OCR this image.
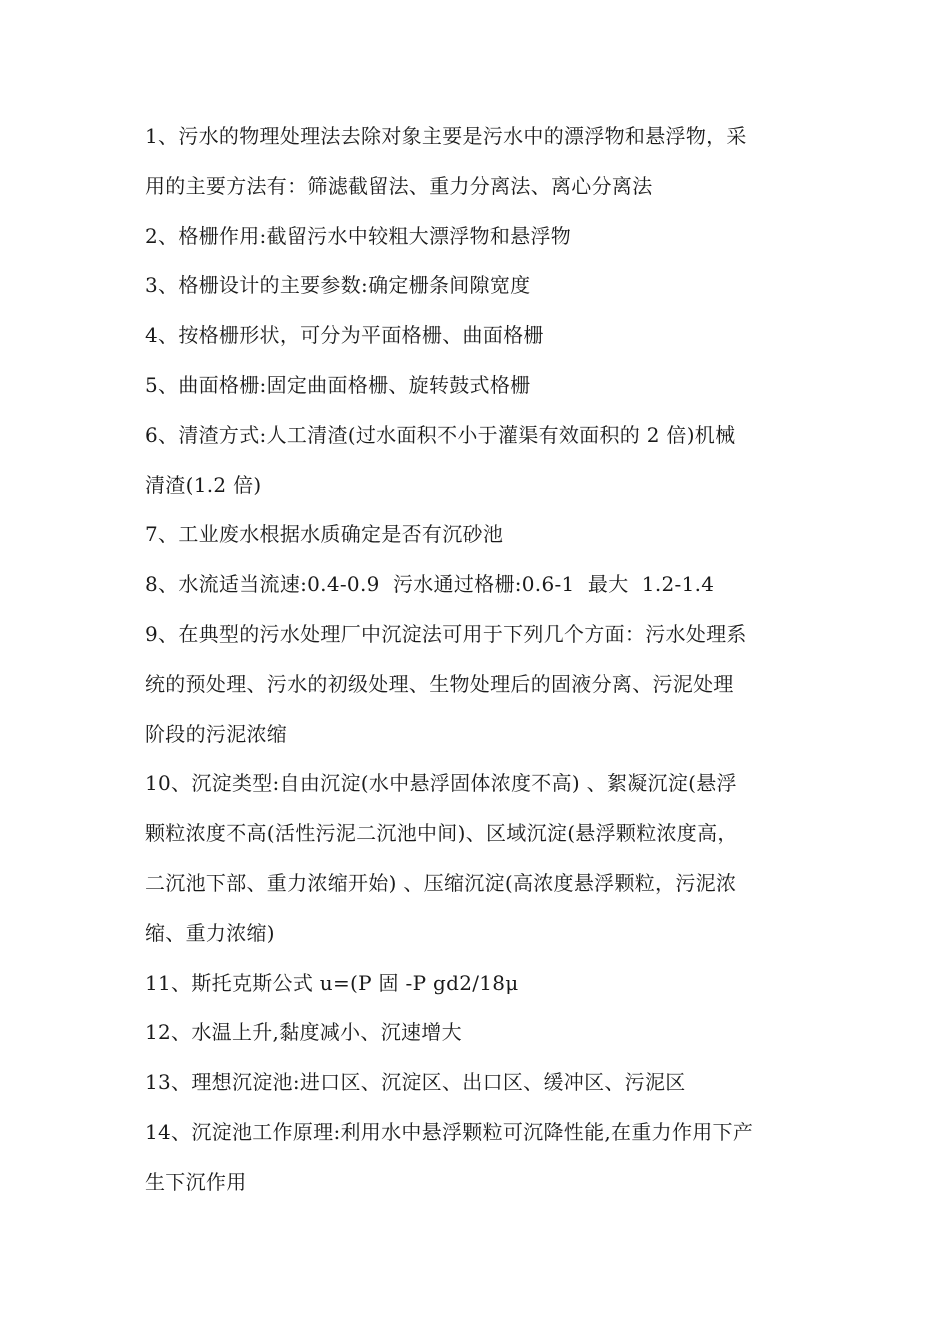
1、污水的物理处理法去除对象主要是污水中的漂浮物和悬浮物，采
用的主要方法有：筛滤截留法、重力分离法、离心分离法
2、格栅作用:截留污水中较粗大漂浮物和悬浮物
3、格栅设计的主要参数:确定栅条间隙宽度
4、按格栅形状，可分为平面格栅、曲面格栅
5、曲面格栅:固定曲面格栅、旋转鼓式格栅
6、清渣方式:人工清渣(过水面积不小于灌渠有效面积的 2 倍)机械
清渣(1.2 倍)
7、工业废水根据水质确定是否有沉砂池
8、水流适当流速:0.4-0.9  污水通过格栅:0.6-1  最大  1.2-1.4
9、在典型的污水处理厂中沉淀法可用于下列几个方面：污水处理系
统的预处理、污水的初级处理、生物处理后的固液分离、污泥处理
阶段的污泥浓缩
10、沉淀类型:自由沉淀(水中悬浮固体浓度不高) 、絮凝沉淀(悬浮
颗粒浓度不高(活性污泥二沉池中间)、区域沉淀(悬浮颗粒浓度高，
二沉池下部、重力浓缩开始) 、压缩沉淀(高浓度悬浮颗粒，污泥浓
缩、重力浓缩)
11、斯托克斯公式 u=(P 固 -P gd2/18μ
12、水温上升,黏度减小、沉速增大
13、理想沉淀池:进口区、沉淀区、出口区、缓冲区、污泥区
14、沉淀池工作原理:利用水中悬浮颗粒可沉降性能,在重力作用下产
生下沉作用
